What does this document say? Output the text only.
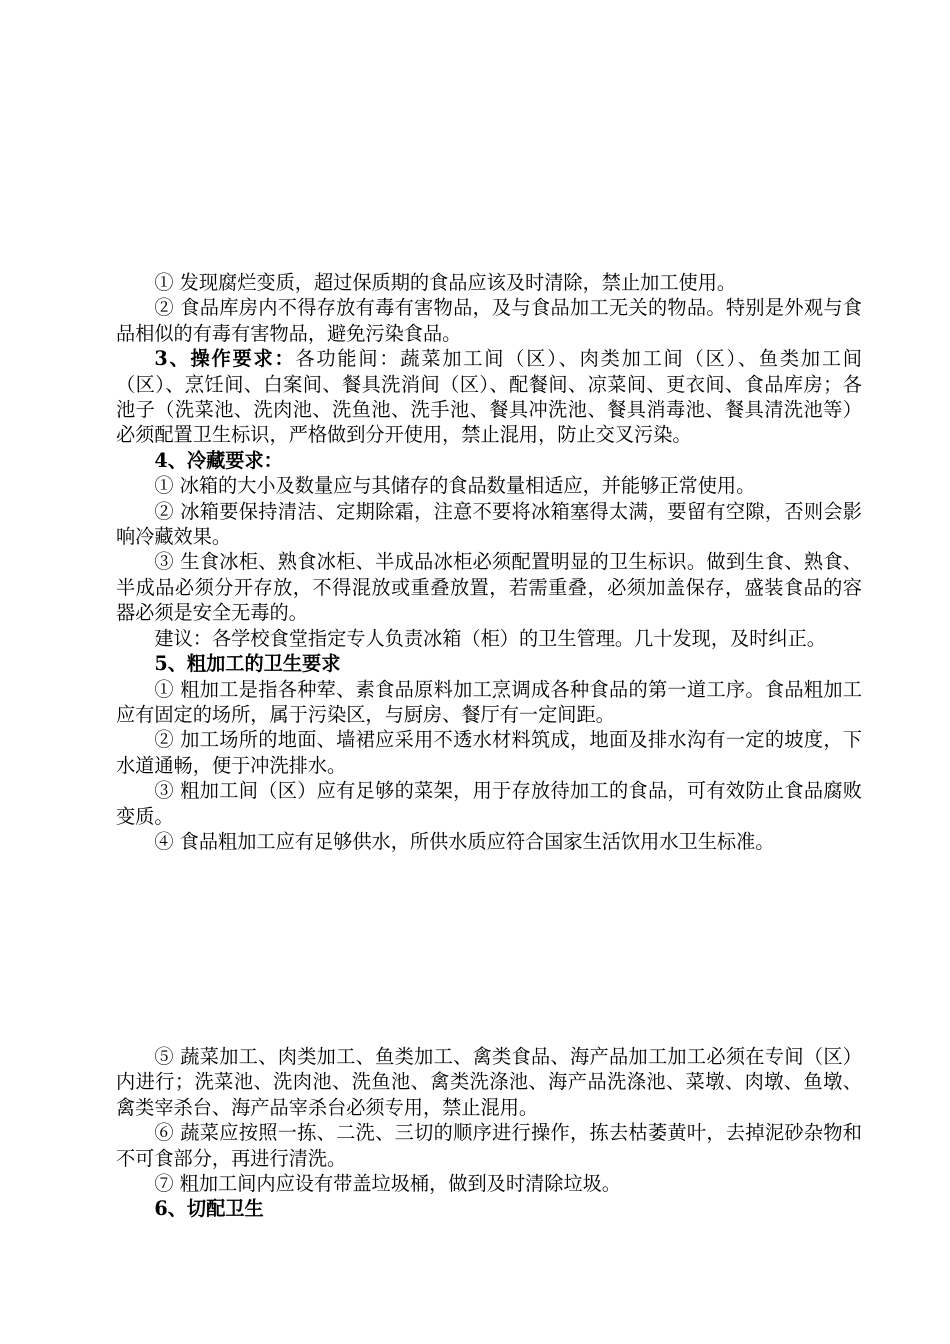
① 发现腐烂变质，超过保质期的食品应该及时清除，禁止加工使用。

② 食品库房内不得存放有毒有害物品，及与食品加工无关的物品。特别是外观与食品相似的有毒有害物品，避免污染食品。

3、操作要求：各功能间：蔬菜加工间（区）、肉类加工间（区）、鱼类加工间（区）、烹饪间、白案间、餐具洗消间（区）、配餐间、凉菜间、更衣间、食品库房；各池子（洗菜池、洗肉池、洗鱼池、洗手池、餐具冲洗池、餐具消毒池、餐具清洗池等）必须配置卫生标识，严格做到分开使用，禁止混用，防止交叉污染。

4、冷藏要求：

① 冰箱的大小及数量应与其储存的食品数量相适应，并能够正常使用。

② 冰箱要保持清洁、定期除霜，注意不要将冰箱塞得太满，要留有空隙，否则会影响冷藏效果。

③ 生食冰柜、熟食冰柜、半成品冰柜必须配置明显的卫生标识。做到生食、熟食、半成品必须分开存放，不得混放或重叠放置，若需重叠，必须加盖保存，盛装食品的容器必须是安全无毒的。

建议：各学校食堂指定专人负责冰箱（柜）的卫生管理。几十发现，及时纠正。

5、粗加工的卫生要求

① 粗加工是指各种荤、素食品原料加工烹调成各种食品的第一道工序。食品粗加工应有固定的场所，属于污染区，与厨房、餐厅有一定间距。

② 加工场所的地面、墙裙应采用不透水材料筑成，地面及排水沟有一定的坡度，下水道通畅，便于冲洗排水。

③ 粗加工间（区）应有足够的菜架，用于存放待加工的食品，可有效防止食品腐败变质。

④ 食品粗加工应有足够供水，所供水质应符合国家生活饮用水卫生标准。

⑤ 蔬菜加工、肉类加工、鱼类加工、禽类食品、海产品加工加工必须在专间（区）内进行；洗菜池、洗肉池、洗鱼池、禽类洗涤池、海产品洗涤池、菜墩、肉墩、鱼墩、禽类宰杀台、海产品宰杀台必须专用，禁止混用。

⑥ 蔬菜应按照一拣、二洗、三切的顺序进行操作，拣去枯萎黄叶，去掉泥砂杂物和不可食部分，再进行清洗。

⑦ 粗加工间内应设有带盖垃圾桶，做到及时清除垃圾。

6、切配卫生
